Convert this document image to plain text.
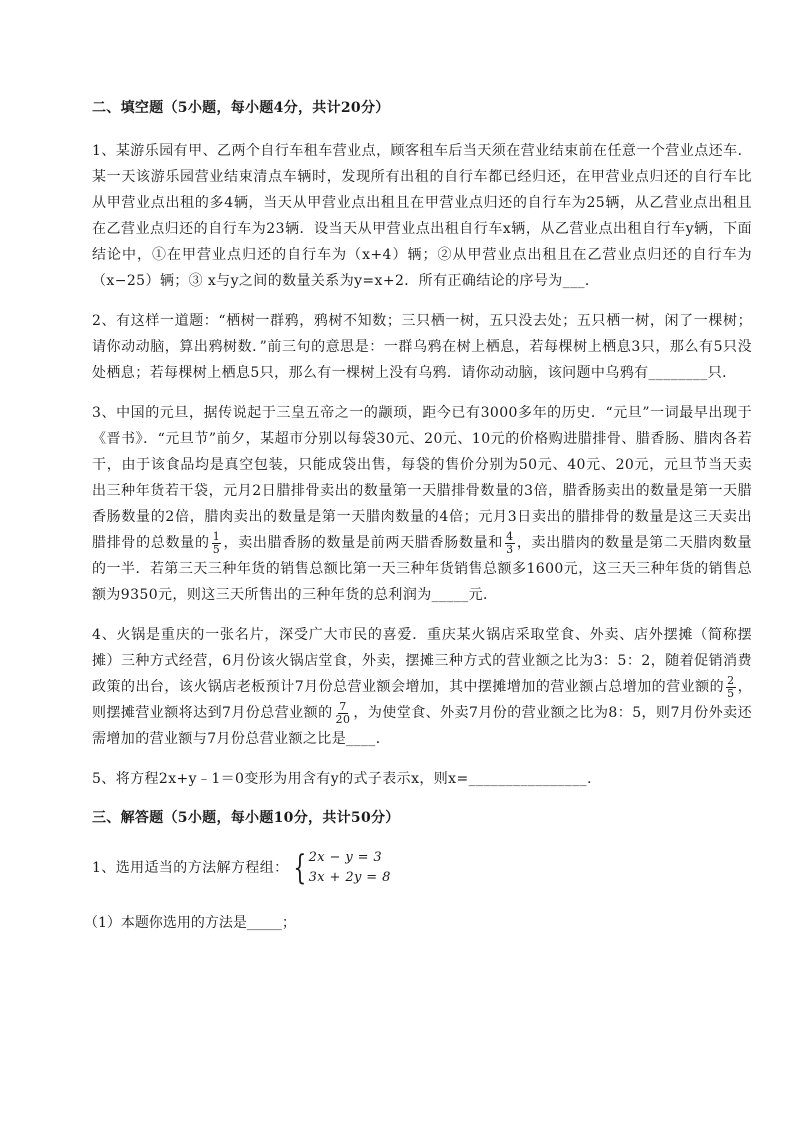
二、填空题（5小题，每小题4分，共计20分）

1、某游乐园有甲、乙两个自行车租车营业点，顾客租车后当天须在营业结束前在任意一个营业点还车．某一天该游乐园营业结束清点车辆时，发现所有出租的自行车都已经归还，在甲营业点归还的自行车比从甲营业点出租的多4辆，当天从甲营业点出租且在甲营业点归还的自行车为25辆，从乙营业点出租且在乙营业点归还的自行车为23辆．设当天从甲营业点出租自行车x辆，从乙营业点出租自行车y辆，下面结论中，①在甲营业点归还的自行车为（x+4）辆；②从甲营业点出租且在乙营业点归还的自行车为（x−25）辆；③ x与y之间的数量关系为y=x+2．所有正确结论的序号为___．

2、有这样一道题：“栖树一群鸦，鸦树不知数；三只栖一树，五只没去处；五只栖一树，闲了一棵树；请你动动脑，算出鸦树数．”前三句的意思是：一群乌鸦在树上栖息，若每棵树上栖息3只，那么有5只没处栖息；若每棵树上栖息5只，那么有一棵树上没有乌鸦．请你动动脑，该问题中乌鸦有________只．

3、中国的元旦，据传说起于三皇五帝之一的颛顼，距今已有3000多年的历史．“元旦”一词最早出现于《晋书》．“元旦节”前夕，某超市分别以每袋30元、20元、10元的价格购进腊排骨、腊香肠、腊肉各若干，由于该食品均是真空包装，只能成袋出售，每袋的售价分别为50元、40元、20元，元旦节当天卖出三种年货若干袋，元月2日腊排骨卖出的数量第一天腊排骨数量的3倍，腊香肠卖出的数量是第一天腊香肠数量的2倍，腊肉卖出的数量是第一天腊肉数量的4倍；元月3日卖出的腊排骨的数量是这三天卖出腊排骨的总数量的 $\frac{1}{5}$ ，卖出腊香肠的数量是前两天腊香肠数量和 $\frac{4}{3}$ ，卖出腊肉的数量是第二天腊肉数量的一半．若第三天三种年货的销售总额比第一天三种年货销售总额多1600元，这三天三种年货的销售总额为9350元，则这三天所售出的三种年货的总利润为_____元．

4、火锅是重庆的一张名片，深受广大市民的喜爱．重庆某火锅店采取堂食、外卖、店外摆摊（简称摆摊）三种方式经营，6月份该火锅店堂食，外卖，摆摊三种方式的营业额之比为3：5：2，随着促销消费政策的出台，该火锅店老板预计7月份总营业额会增加，其中摆摊增加的营业额占总增加的营业额的 $\frac{2}{5}$ ，则摆摊营业额将达到7月份总营业额的 $\frac{7}{20}$ ，为使堂食、外卖7月份的营业额之比为8：5，则7月份外卖还需增加的营业额与7月份总营业额之比是____．

5、将方程2x+y﹣1＝0变形为用含有y的式子表示x，则x=________________.

三、解答题（5小题，每小题10分，共计50分）
1、选用适当的方法解方程组： { 2x − y = 3
3x + 2y = 8
（1）本题你选用的方法是_____；
